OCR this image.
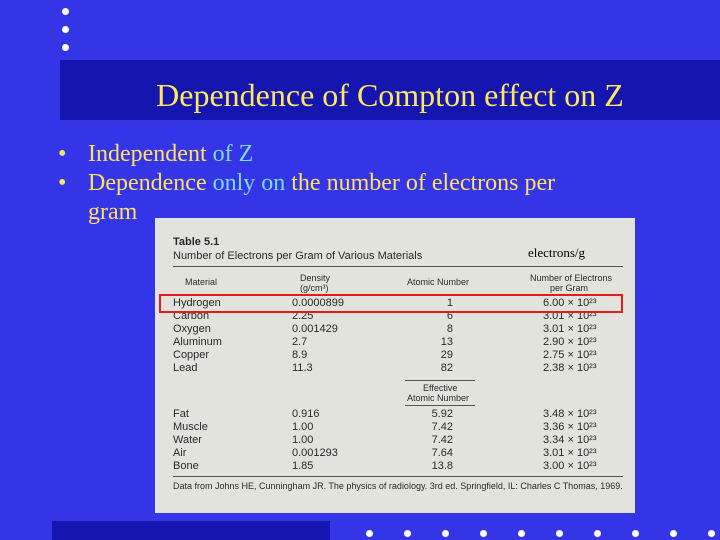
Dependence of Compton effect on Z
• Independent of Z
• Dependence only on the number of electrons per
gram
Table 5.1
Number of Electrons per Gram of Various Materials
Material	Density
(g/cm³)
Atomic Number	Number of Electrons
per Gram
Hydrogen
Carbon
Oxygen
Aluminum
Copper
Lead
0.0000899
2.25
0.001429
2.7
8.9
11.3
1
6
8
13
29
82
6.00 × 10²³
3.01 × 10²³
3.01 × 10²³
2.90 × 10²³
2.75 × 10²³
2.38 × 10²³
Effective
Atomic Number
Fat
Muscle
Water
Air
Bone
0.916
1.00
1.00
0.001293
1.85
5.92
7.42
7.42
7.64
13.8
3.48 × 10²³
3.36 × 10²³
3.34 × 10²³
3.01 × 10²³
3.00 × 10²³
Data from Johns HE, Cunningham JR. The physics of radiology. 3rd ed. Springfield, IL: Charles C Thomas, 1969.
electrons/g
